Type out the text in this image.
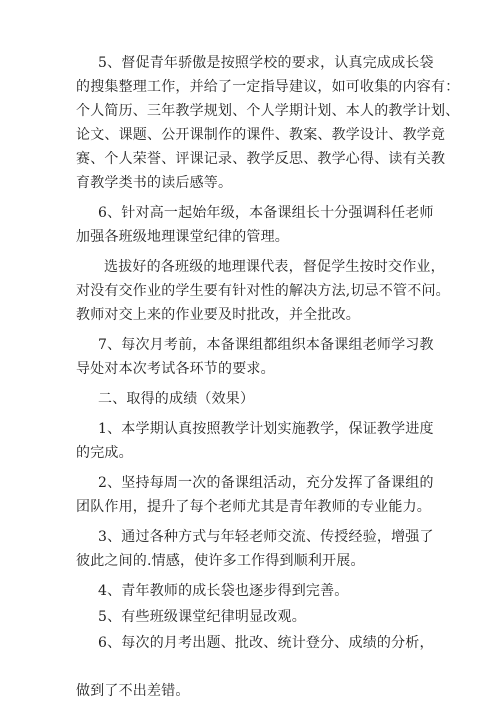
5、督促青年骄傲是按照学校的要求，认真完成成长袋
的搜集整理工作，并给了一定指导建议，如可收集的内容有：
个人简历、三年教学规划、个人学期计划、本人的教学计划、
论文、课题、公开课制作的课件、教案、教学设计、教学竟
赛、个人荣誉、评课记录、教学反思、教学心得、读有关教
育教学类书的读后感等。
6、针对高一起始年级，本备课组长十分强调科任老师
加强各班级地理课堂纪律的管理。
选拔好的各班级的地理课代表，督促学生按时交作业，
对没有交作业的学生要有针对性的解决方法,切忌不管不问。
教师对交上来的作业要及时批改，并全批改。
7、每次月考前，本备课组都组织本备课组老师学习教
导处对本次考试各环节的要求。
二、取得的成绩（效果）
1、本学期认真按照教学计划实施教学，保证教学进度
的完成。
2、坚持每周一次的备课组活动，充分发挥了备课组的
团队作用，提升了每个老师尤其是青年教师的专业能力。
3、通过各种方式与年轻老师交流、传授经验，增强了
彼此之间的.情感，使许多工作得到顺利开展。
4、青年教师的成长袋也逐步得到完善。
5、有些班级课堂纪律明显改观。
6、每次的月考出题、批改、统计登分、成绩的分析，
做到了不出差错。
